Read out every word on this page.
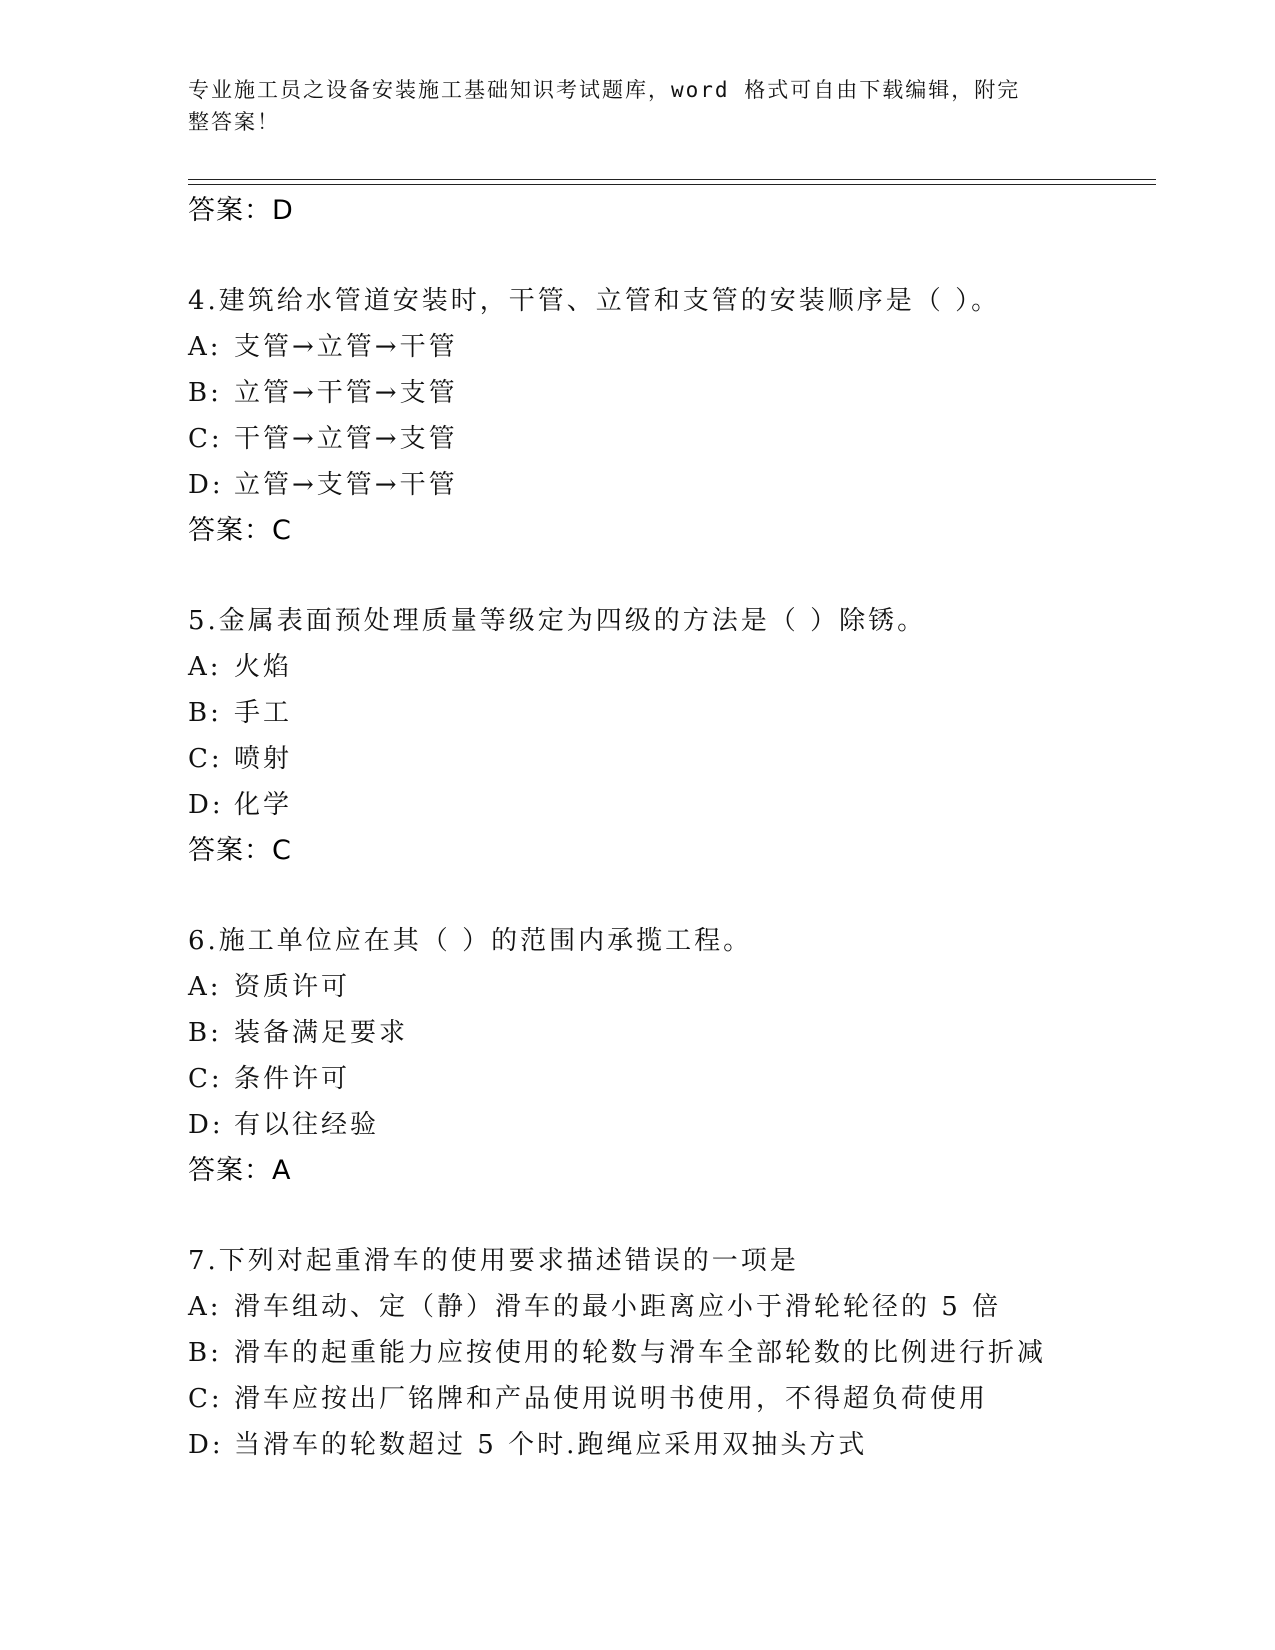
专业施工员之设备安装施工基础知识考试题库，word 格式可自由下载编辑，附完
整答案！
答案：D
4.建筑给水管道安装时，干管、立管和支管的安装顺序是（ ）。
A: 支管→立管→干管
B: 立管→干管→支管
C: 干管→立管→支管
D: 立管→支管→干管
答案：C
5.金属表面预处理质量等级定为四级的方法是（ ）除锈。
A: 火焰
B: 手工
C: 喷射
D: 化学
答案：C
6.施工单位应在其（ ）的范围内承揽工程。
A: 资质许可
B: 装备满足要求
C: 条件许可
D: 有以往经验
答案：A
7.下列对起重滑车的使用要求描述错误的一项是
A: 滑车组动、定（静）滑车的最小距离应小于滑轮轮径的 5 倍
B: 滑车的起重能力应按使用的轮数与滑车全部轮数的比例进行折减
C: 滑车应按出厂铭牌和产品使用说明书使用，不得超负荷使用
D: 当滑车的轮数超过 5 个时.跑绳应采用双抽头方式
